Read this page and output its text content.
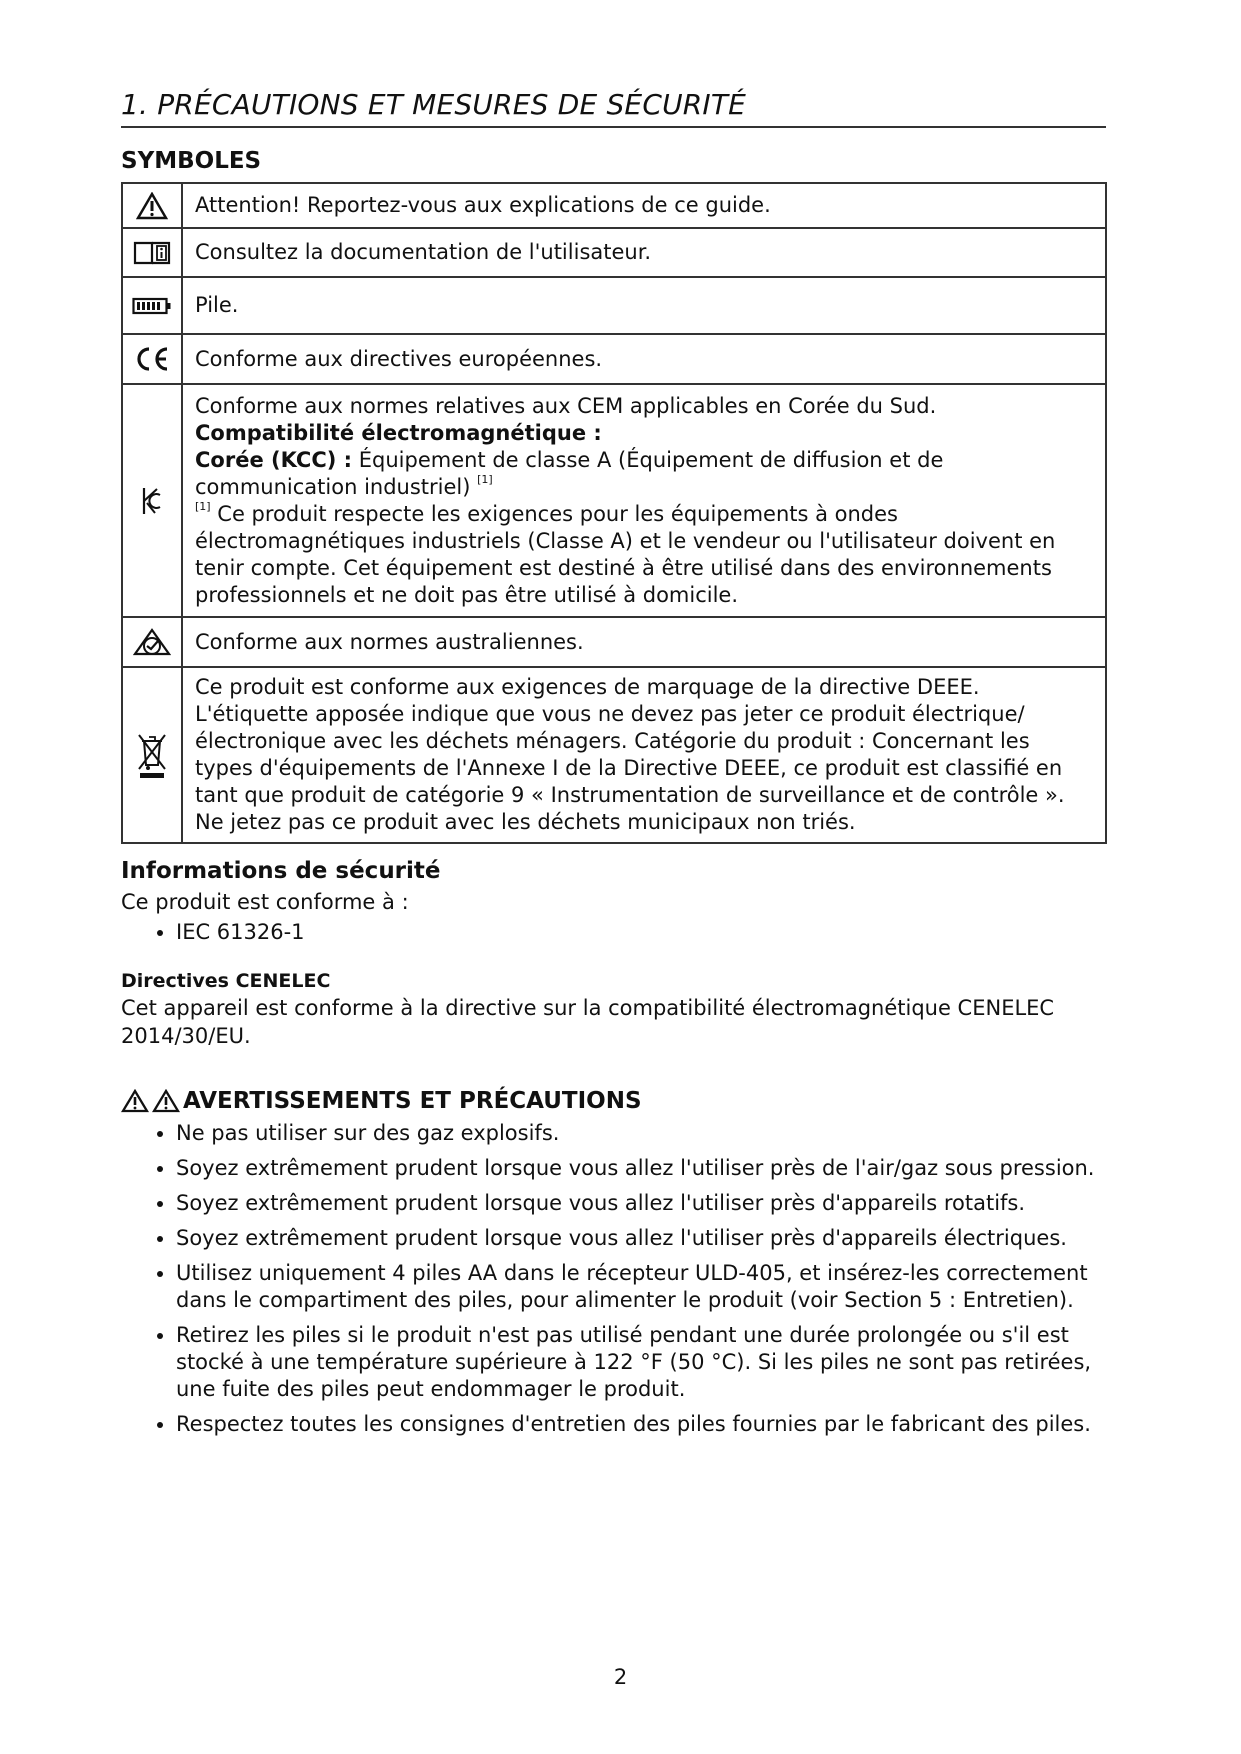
1. PRÉCAUTIONS ET MESURES DE SÉCURITÉ
SYMBOLES
	Attention! Reportez-vous aux explications de ce guide.

	Consultez la documentation de l'utilisateur.

	Pile.

	Conforme aux directives européennes.

Conforme aux normes relatives aux CEM applicables en Corée du Sud.
Compatibilité électromagnétique :
Corée (KCC) : Équipement de classe A (Équipement de diffusion et de communication industriel) [1]
[1] Ce produit respecte les exigences pour les équipements à ondes électromagnétiques industriels (Classe A) et le vendeur ou l'utilisateur doivent en tenir compte. Cet équipement est destiné à être utilisé dans des environnements professionnels et ne doit pas être utilisé à domicile.

	Conforme aux normes australiennes.

	Ce produit est conforme aux exigences de marquage de la directive DEEE. L'étiquette apposée indique que vous ne devez pas jeter ce produit électrique/ électronique avec les déchets ménagers. Catégorie du produit : Concernant les types d'équipements de l'Annexe I de la Directive DEEE, ce produit est classifié en tant que produit de catégorie 9 « Instrumentation de surveillance et de contrôle ». Ne jetez pas ce produit avec les déchets municipaux non triés.
Informations de sécurité

Ce produit est conforme à :

• IEC 61326-1
Directives CENELEC

Cet appareil est conforme à la directive sur la compatibilité électromagnétique CENELEC 2014/30/EU.

AVERTISSEMENTS ET PRÉCAUTIONS
• Ne pas utiliser sur des gaz explosifs.
• Soyez extrêmement prudent lorsque vous allez l'utiliser près de l'air/gaz sous pression.
• Soyez extrêmement prudent lorsque vous allez l'utiliser près d'appareils rotatifs.
• Soyez extrêmement prudent lorsque vous allez l'utiliser près d'appareils électriques.
• Utilisez uniquement 4 piles AA dans le récepteur ULD-405, et insérez-les correctement dans le compartiment des piles, pour alimenter le produit (voir Section 5 : Entretien).
• Retirez les piles si le produit n'est pas utilisé pendant une durée prolongée ou s'il est stocké à une température supérieure à 122 °F (50 °C). Si les piles ne sont pas retirées, une fuite des piles peut endommager le produit.
• Respectez toutes les consignes d'entretien des piles fournies par le fabricant des piles.
2
